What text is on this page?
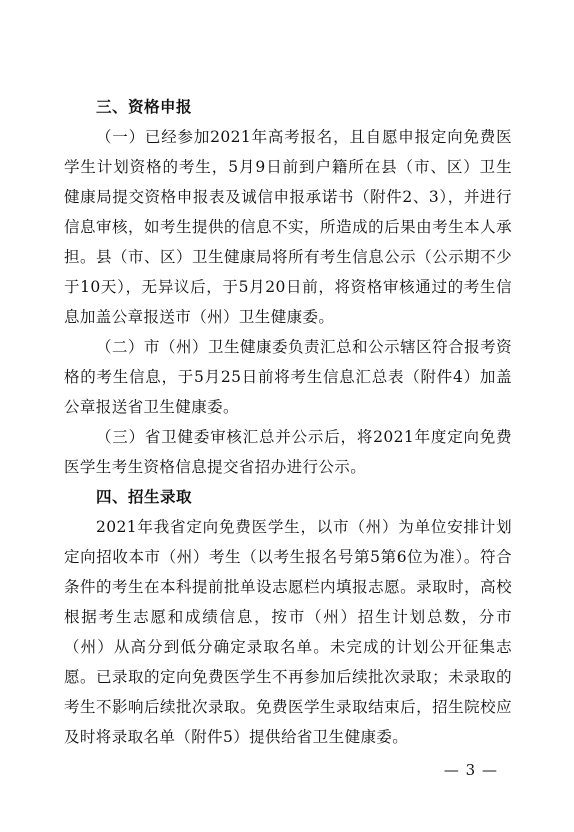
三、资格申报

（一）已经参加2021年高考报名，且自愿申报定向免费医学生计划资格的考生，5月9日前到户籍所在县（市、区）卫生健康局提交资格申报表及诚信申报承诺书（附件2、3），并进行信息审核，如考生提供的信息不实，所造成的后果由考生本人承担。县（市、区）卫生健康局将所有考生信息公示（公示期不少于10天），无异议后，于5月20日前，将资格审核通过的考生信息加盖公章报送市（州）卫生健康委。

（二）市（州）卫生健康委负责汇总和公示辖区符合报考资格的考生信息，于5月25日前将考生信息汇总表（附件4）加盖公章报送省卫生健康委。

（三）省卫健委审核汇总并公示后，将2021年度定向免费医学生考生资格信息提交省招办进行公示。

四、招生录取

2021年我省定向免费医学生，以市（州）为单位安排计划定向招收本市（州）考生（以考生报名号第5第6位为准）。符合条件的考生在本科提前批单设志愿栏内填报志愿。录取时，高校根据考生志愿和成绩信息，按市（州）招生计划总数，分市（州）从高分到低分确定录取名单。未完成的计划公开征集志愿。已录取的定向免费医学生不再参加后续批次录取；未录取的考生不影响后续批次录取。免费医学生录取结束后，招生院校应及时将录取名单（附件5）提供给省卫生健康委。

— 3 —
